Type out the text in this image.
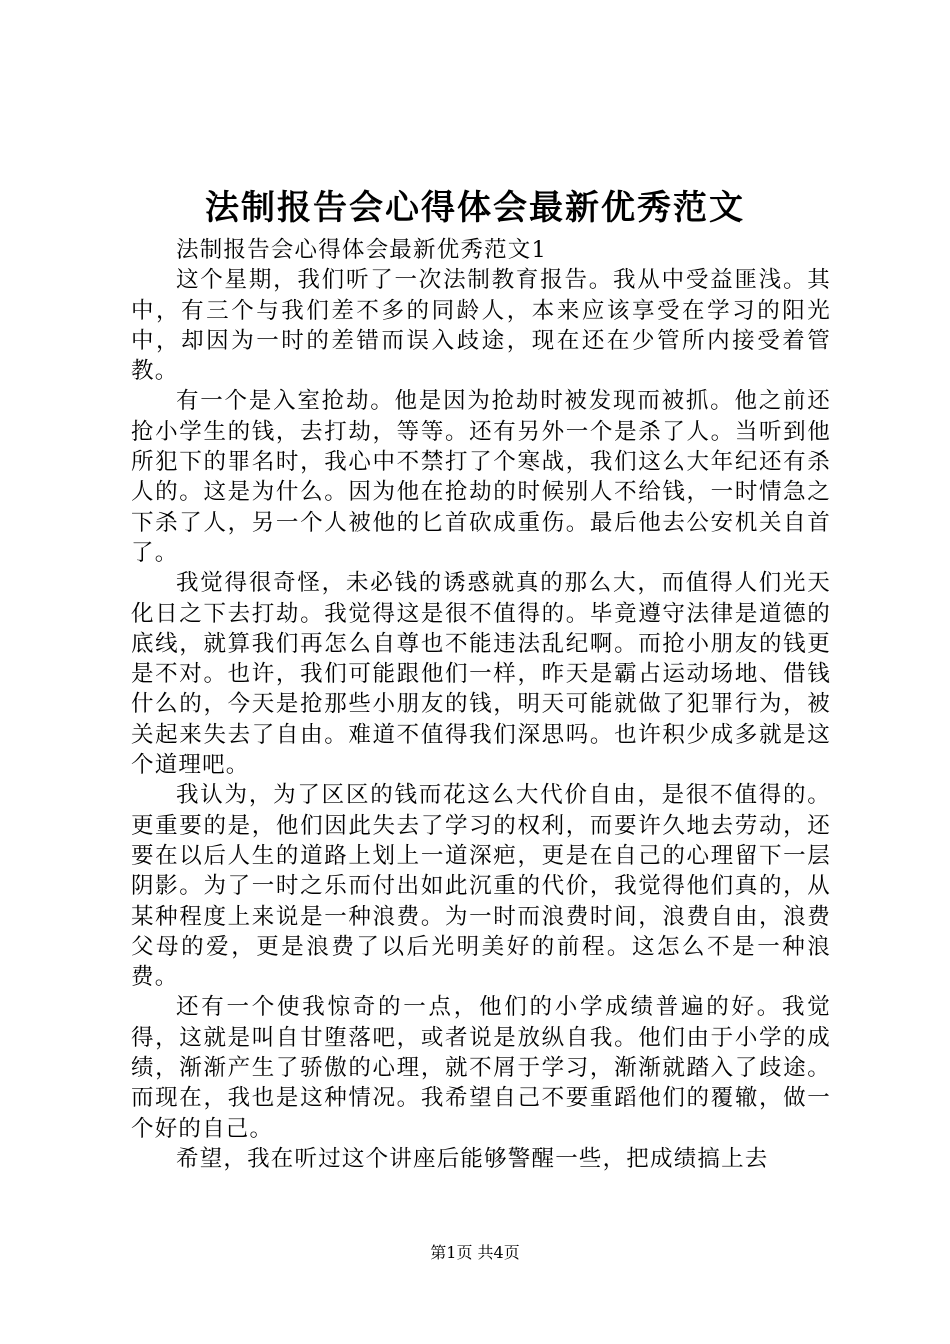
法制报告会心得体会最新优秀范文

法制报告会心得体会最新优秀范文1

这个星期，我们听了一次法制教育报告。我从中受益匪浅。其中，有三个与我们差不多的同龄人，本来应该享受在学习的阳光中，却因为一时的差错而误入歧途，现在还在少管所内接受着管教。

有一个是入室抢劫。他是因为抢劫时被发现而被抓。他之前还抢小学生的钱，去打劫，等等。还有另外一个是杀了人。当听到他所犯下的罪名时，我心中不禁打了个寒战，我们这么大年纪还有杀人的。这是为什么。因为他在抢劫的时候别人不给钱，一时情急之下杀了人，另一个人被他的匕首砍成重伤。最后他去公安机关自首了。

我觉得很奇怪，未必钱的诱惑就真的那么大，而值得人们光天化日之下去打劫。我觉得这是很不值得的。毕竟遵守法律是道德的底线，就算我们再怎么自尊也不能违法乱纪啊。而抢小朋友的钱更是不对。也许，我们可能跟他们一样，昨天是霸占运动场地、借钱什么的，今天是抢那些小朋友的钱，明天可能就做了犯罪行为，被关起来失去了自由。难道不值得我们深思吗。也许积少成多就是这个道理吧。

我认为，为了区区的钱而花这么大代价自由，是很不值得的。更重要的是，他们因此失去了学习的权利，而要许久地去劳动，还要在以后人生的道路上划上一道深疤，更是在自己的心理留下一层阴影。为了一时之乐而付出如此沉重的代价，我觉得他们真的，从某种程度上来说是一种浪费。为一时而浪费时间，浪费自由，浪费父母的爱，更是浪费了以后光明美好的前程。这怎么不是一种浪费。

还有一个使我惊奇的一点，他们的小学成绩普遍的好。我觉得，这就是叫自甘堕落吧，或者说是放纵自我。他们由于小学的成绩，渐渐产生了骄傲的心理，就不屑于学习，渐渐就踏入了歧途。而现在，我也是这种情况。我希望自己不要重蹈他们的覆辙，做一个好的自己。

希望，我在听过这个讲座后能够警醒一些，把成绩搞上去

第1页 共4页
